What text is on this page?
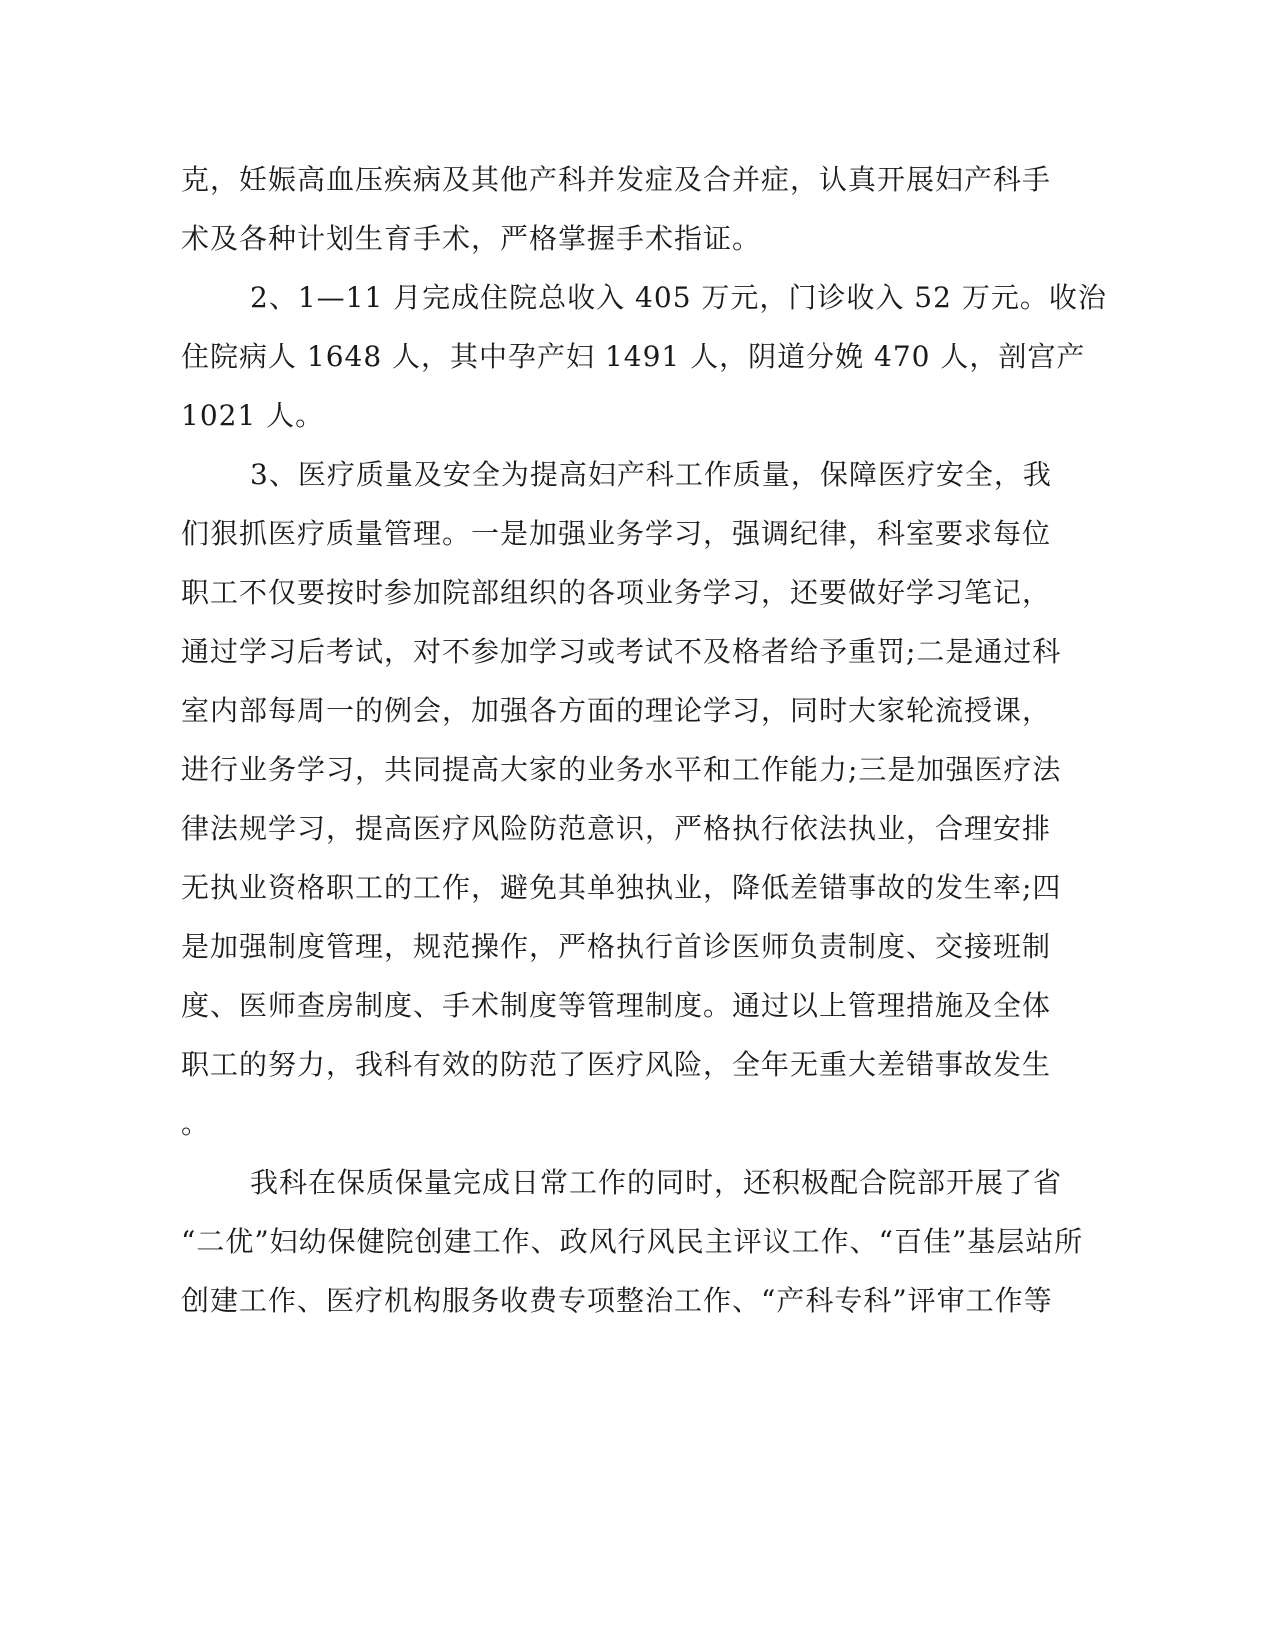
克，妊娠高血压疾病及其他产科并发症及合并症，认真开展妇产科手
术及各种计划生育手术，严格掌握手术指证。
2、1—11 月完成住院总收入 405 万元，门诊收入 52 万元。收治
住院病人 1648 人，其中孕产妇 1491 人，阴道分娩 470 人，剖宫产
1021 人。
3、医疗质量及安全为提高妇产科工作质量，保障医疗安全，我
们狠抓医疗质量管理。一是加强业务学习，强调纪律，科室要求每位
职工不仅要按时参加院部组织的各项业务学习，还要做好学习笔记，
通过学习后考试，对不参加学习或考试不及格者给予重罚;二是通过科
室内部每周一的例会，加强各方面的理论学习，同时大家轮流授课，
进行业务学习，共同提高大家的业务水平和工作能力;三是加强医疗法
律法规学习，提高医疗风险防范意识，严格执行依法执业，合理安排
无执业资格职工的工作，避免其单独执业，降低差错事故的发生率;四
是加强制度管理，规范操作，严格执行首诊医师负责制度、交接班制
度、医师查房制度、手术制度等管理制度。通过以上管理措施及全体
职工的努力，我科有效的防范了医疗风险，全年无重大差错事故发生
。
我科在保质保量完成日常工作的同时，还积极配合院部开展了省
“二优”妇幼保健院创建工作、政风行风民主评议工作、“百佳”基层站所
创建工作、医疗机构服务收费专项整治工作、“产科专科”评审工作等
